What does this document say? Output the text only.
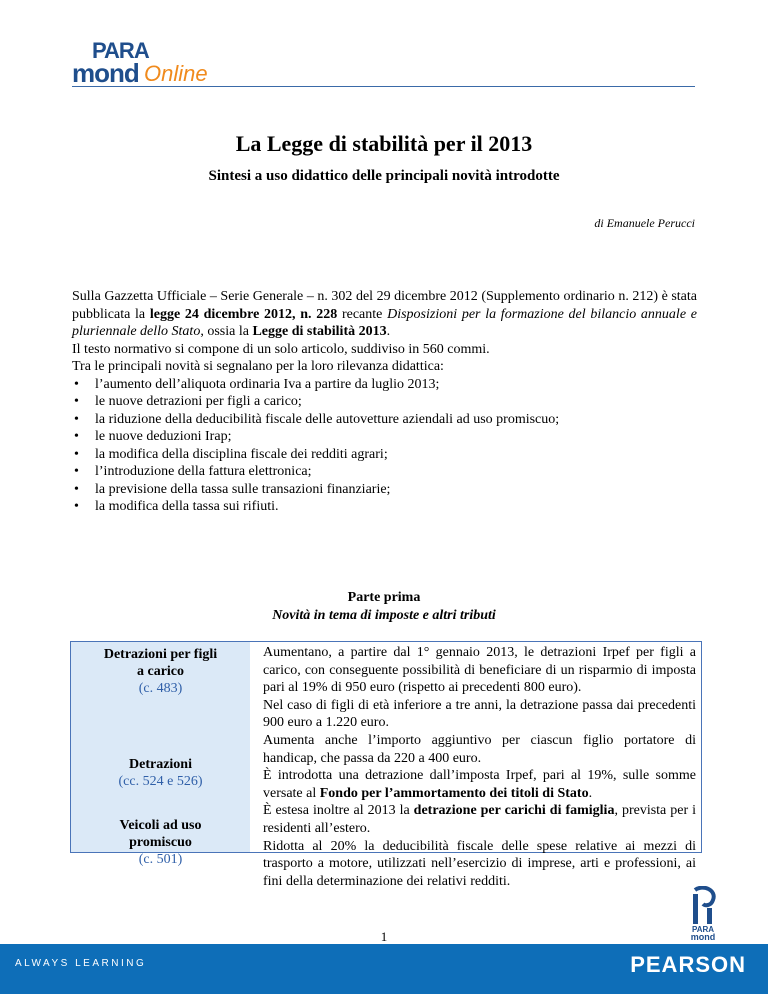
PARA
mond Online
La Legge di stabilità per il 2013
Sintesi a uso didattico delle principali novità introdotte
di Emanuele Perucci

Sulla Gazzetta Ufficiale – Serie Generale – n. 302 del 29 dicembre 2012 (Supplemento ordinario n. 212) è stata pubblicata la legge 24 dicembre 2012, n. 228 recante Disposizioni per la formazione del bilancio annuale e pluriennale dello Stato, ossia la Legge di stabilità 2013.

Il testo normativo si compone di un solo articolo, suddiviso in 560 commi.

Tra le principali novità si segnalano per la loro rilevanza didattica:

• l’aumento dell’aliquota ordinaria Iva a partire da luglio 2013;
• le nuove detrazioni per figli a carico;
• la riduzione della deducibilità fiscale delle autovetture aziendali ad uso promiscuo;
• le nuove deduzioni Irap;
• la modifica della disciplina fiscale dei redditi agrari;
• l’introduzione della fattura elettronica;
• la previsione della tassa sulle transazioni finanziarie;
• la modifica della tassa sui rifiuti.
Parte prima
Novità in tema di imposte e altri tributi
Detrazioni per figli
a carico
(c. 483)
Detrazioni
(cc. 524 e 526)
Veicoli ad uso
promiscuo
(c. 501)

Aumentano, a partire dal 1° gennaio 2013, le detrazioni Irpef per figli a carico, con conseguente possibilità di beneficiare di un risparmio di imposta pari al 19% di 950 euro (rispetto ai precedenti 800 euro).

Nel caso di figli di età inferiore a tre anni, la detrazione passa dai precedenti 900 euro a 1.220 euro.

Aumenta anche l’importo aggiuntivo per ciascun figlio portatore di handicap, che passa da 220 a 400 euro.

È introdotta una detrazione dall’imposta Irpef, pari al 19%, sulle somme versate al Fondo per l’ammortamento dei titoli di Stato.

È estesa inoltre al 2013 la detrazione per carichi di famiglia, prevista per i residenti all’estero.

Ridotta al 20% la deducibilità fiscale delle spese relative ai mezzi di trasporto a motore, utilizzati nell’esercizio di imprese, arti e professioni, ai fini della determinazione dei relativi redditi.

1	PARA
mond
ALWAYS LEARNING	PEARSON
